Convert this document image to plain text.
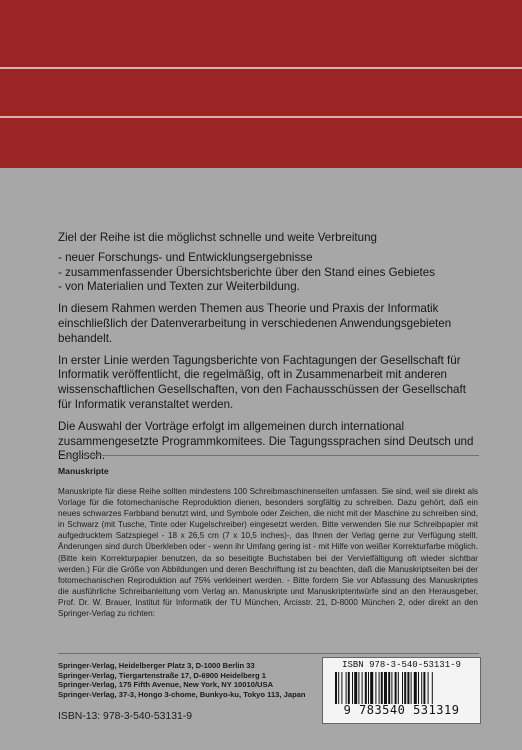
Ziel der Reihe ist die möglichst schnelle und weite Verbreitung

- neuer Forschungs- und Entwicklungsergebnisse
- zusammenfassender Übersichtsberichte über den Stand eines Gebietes
- von Materialien und Texten zur Weiterbildung.

In diesem Rahmen werden Themen aus Theorie und Praxis der Informatik einschließlich der Datenverarbeitung in verschiedenen Anwendungsgebieten behandelt.

In erster Linie werden Tagungsberichte von Fachtagungen der Gesellschaft für Informatik veröffentlicht, die regelmäßig, oft in Zusammenarbeit mit anderen wissenschaftlichen Gesellschaften, von den Fachausschüssen der Gesellschaft für Informatik veranstaltet werden.

Die Auswahl der Vorträge erfolgt im allgemeinen durch international zusammengesetzte Programmkomitees. Die Tagungssprachen sind Deutsch und

Manuskripte
Manuskripte für diese Reihe sollten mindestens 100 Schreibmaschinenseiten umfassen. Sie sind, weil sie direkt als Vorlage für die fotomechanische Reproduktion dienen, besonders sorgfältig zu schreiben. Dazu gehört, daß ein neues schwarzes Farbband benutzt wird, und Symbole oder Zeichen, die nicht mit der Maschine zu schreiben sind, in Schwarz (mit Tusche, Tinte oder Kugelschreiber) eingesetzt werden. Bitte verwenden Sie nur Schreibpapier mit aufgedrucktem Satzspiegel - 18 x 26,5 cm (7 x 10,5 inches)-, das Ihnen der Verlag gerne zur Verfügung stellt. Änderungen sind durch Überkleben oder - wenn ihr Umfang gering ist - mit Hilfe von weißer Korrekturfarbe möglich. (Bitte kein Korrekturpapier benutzen, da so beseitigte Buchstaben bei der Vervielfältigung oft wieder sichtbar werden.) Für die Größe von Abbildungen und deren Beschriftung ist zu beachten, daß die Manuskriptseiten bei der fotomechanischen Reproduktion auf 75% verkleinert werden. - Bitte fordern Sie vor Abfassung des Manuskriptes die ausführliche Schreibanleitung vom Verlag an. Manuskripte und Manuskriptentwürfe sind an den Herausgeber, Prof. Dr. W. Brauer, Institut für Informatik der TU München, Arcisstr. 21, D-8000 München 2, oder direkt an den Springer-Verlag zu richten:
Springer-Verlag, Heidelberger Platz 3, D-1000 Berlin 33
Springer-Verlag, Tiergartenstraße 17, D-6900 Heidelberg 1
Springer-Verlag, 175 Fifth Avenue, New York, NY 10010/USA
Springer-Verlag, 37-3, Hongo 3-chome, Bunkyo-ku, Tokyo 113, Japan
ISBN 978-3-540-53131-9
9 783540 531319
ISBN-13: 978-3-540-53131-9
